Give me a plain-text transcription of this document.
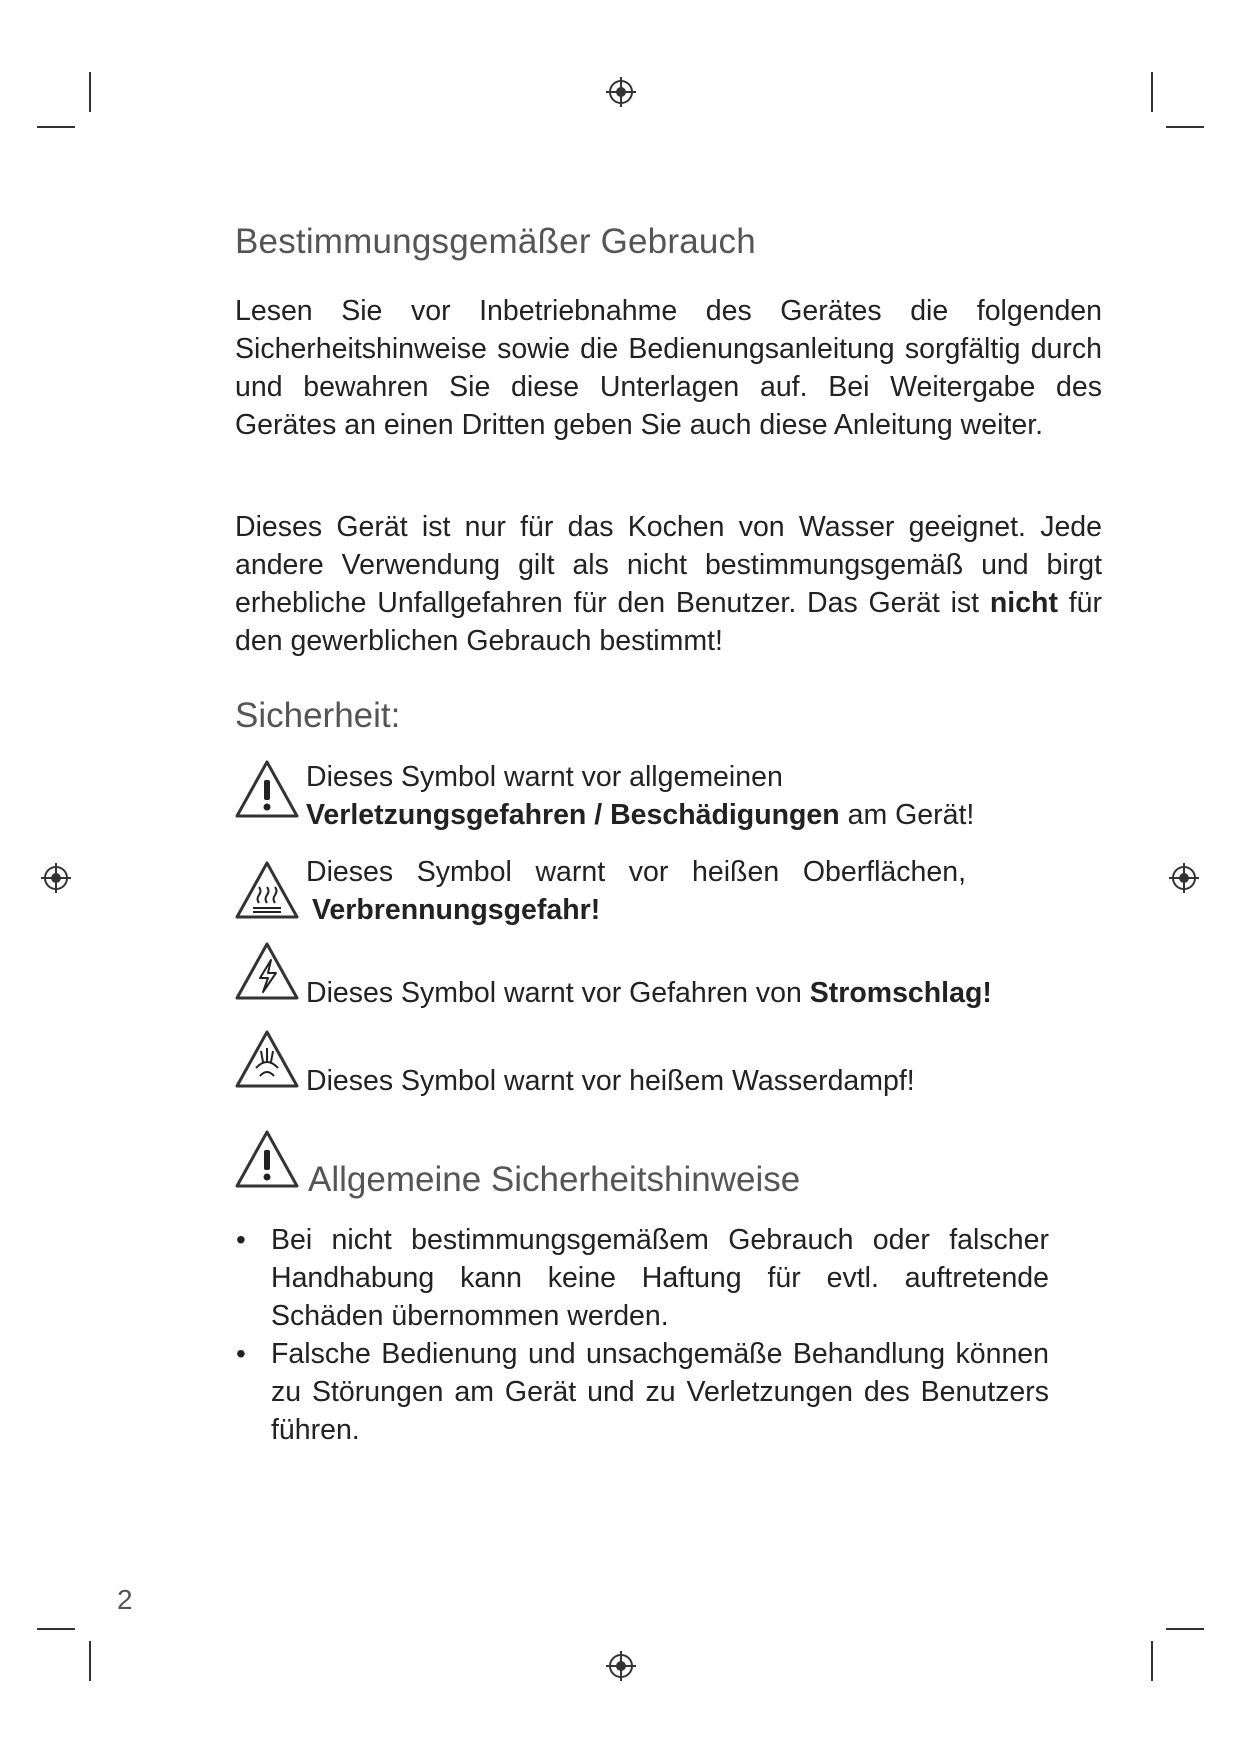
Bestimmungsgemäßer Gebrauch

Lesen Sie vor Inbetriebnahme des Gerätes die folgenden Sicherheitshinweise sowie die Bedienungsanleitung sorgfältig durch und bewahren Sie diese Unterlagen auf. Bei Weitergabe des Gerätes an einen Dritten geben Sie auch diese Anleitung weiter.

Dieses Gerät ist nur für das Kochen von Wasser geeignet. Jede andere Verwendung gilt als nicht bestimmungsgemäß und birgt erhebliche Unfallgefahren für den Benutzer. Das Gerät ist nicht für den gewerblichen Gebrauch bestimmt!

Sicherheit:
Dieses Symbol warnt vor allgemeinen
Verletzungsgefahren / Beschädigungen am Gerät!
Dieses Symbol warnt vor heißen Oberflächen,
Verbrennungsgefahr!
Dieses Symbol warnt vor Gefahren von Stromschlag!
Dieses Symbol warnt vor heißem Wasserdampf!
Allgemeine Sicherheitshinweise
• Bei nicht bestimmungsgemäßem Gebrauch oder falscher Handhabung kann keine Haftung für evtl. auftretende Schäden übernommen werden.
• Falsche Bedienung und unsachgemäße Behandlung können zu Störungen am Gerät und zu Verletzungen des Benutzers führen.
2
